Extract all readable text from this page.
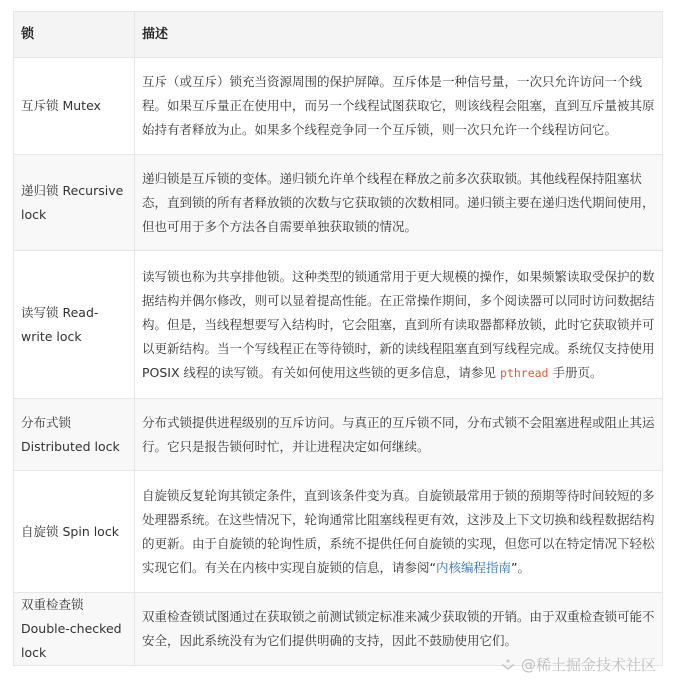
锁	描述
互斥锁 Mutex	互斥（或互斥）锁充当资源周围的保护屏障。互斥体是一种信号量，一次只允许访问一个线程。如果互斥量正在使用中，而另一个线程试图获取它，则该线程会阻塞，直到互斥量被其原始持有者释放为止。如果多个线程竞争同一个互斥锁，则一次只允许一个线程访问它。
递归锁 Recursive lock	递归锁是互斥锁的变体。递归锁允许单个线程在释放之前多次获取锁。其他线程保持阻塞状态，直到锁的所有者释放锁的次数与它获取锁的次数相同。递归锁主要在递归迭代期间使用，但也可用于多个方法各自需要单独获取锁的情况。
读写锁 Read-write lock	读写锁也称为共享排他锁。这种类型的锁通常用于更大规模的操作，如果频繁读取受保护的数据结构并偶尔修改，则可以显着提高性能。在正常操作期间，多个阅读器可以同时访问数据结构。但是，当线程想要写入结构时，它会阻塞，直到所有读取器都释放锁，此时它获取锁并可以更新结构。当一个写线程正在等待锁时，新的读线程阻塞直到写线程完成。系统仅支持使用 POSIX 线程的读写锁。有关如何使用这些锁的更多信息，请参见 pthread 手册页。
分布式锁 Distributed lock	分布式锁提供进程级别的互斥访问。与真正的互斥锁不同，分布式锁不会阻塞进程或阻止其运行。它只是报告锁何时忙，并让进程决定如何继续。
自旋锁 Spin lock	自旋锁反复轮询其锁定条件，直到该条件变为真。自旋锁最常用于锁的预期等待时间较短的多处理器系统。在这些情况下，轮询通常比阻塞线程更有效，这涉及上下文切换和线程数据结构的更新。由于自旋锁的轮询性质，系统不提供任何自旋锁的实现，但您可以在特定情况下轻松实现它们。有关在内核中实现自旋锁的信息，请参阅“内核编程指南”。
双重检查锁 Double-checked lock	双重检查锁试图通过在获取锁之前测试锁定标准来减少获取锁的开销。由于双重检查锁可能不安全，因此系统没有为它们提供明确的支持，因此不鼓励使用它们。
@稀土掘金技术社区
